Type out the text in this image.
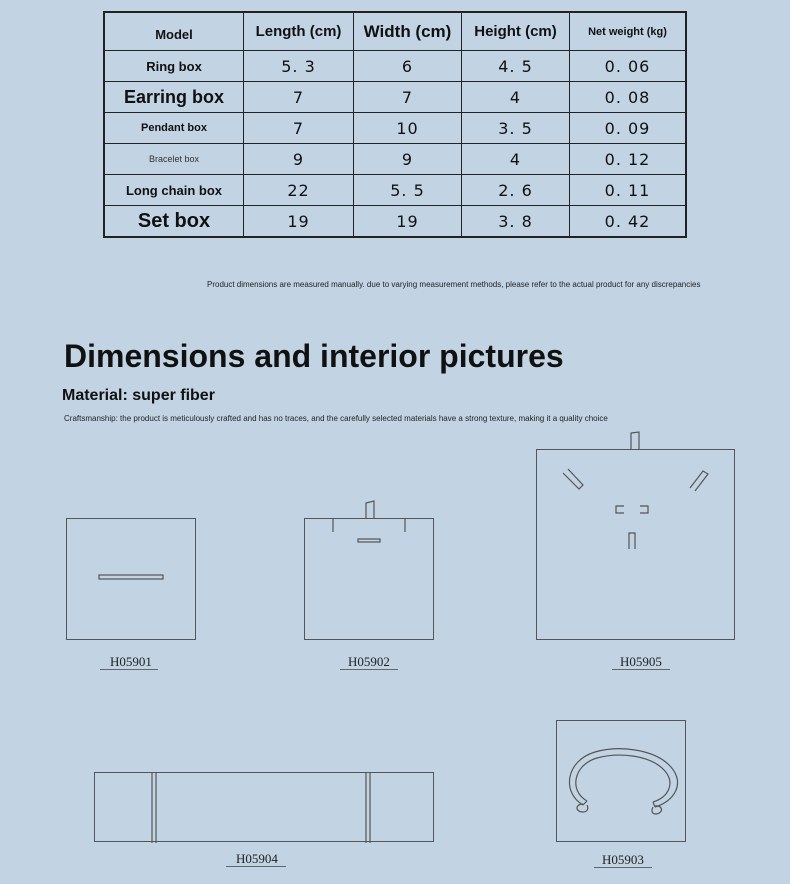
Model	Length (cm)	Width (cm)	Height (cm)	Net weight (kg)
Ring box	5. 3	6	4. 5	0. 06
Earring box	7	7	4	0. 08
Pendant box	7	10	3. 5	0. 09
Bracelet box	9	9	4	0. 12
Long chain box	22	5. 5	2. 6	0. 11
Set box	19	19	3. 8	0. 42
Product dimensions are measured manually. due to varying measurement methods, please refer to the actual product for any discrepancies
Dimensions and interior pictures
Material: super fiber
Craftsmanship: the product is meticulously crafted and has no traces, and the carefully selected materials have a strong texture, making it a quality choice
H05901	H05902	H05905
H05904	H05903
